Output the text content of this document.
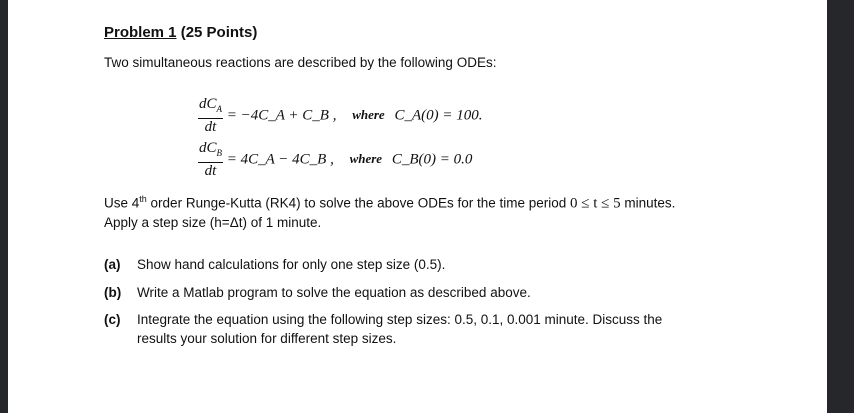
Problem 1 (25 Points)
Two simultaneous reactions are described by the following ODEs:
$\frac{dC_A}{dt}$ = −4C_A + C_B , where C_A(0) = 100.
$\frac{dC_B}{dt}$ = 4C_A − 4C_B , where C_B(0) = 0.0
Use 4th order Runge-Kutta (RK4) to solve the above ODEs for the time period 0 ≤ t ≤ 5 minutes.
Apply a step size (h=Δt) of 1 minute.
(a) Show hand calculations for only one step size (0.5).
(b) Write a Matlab program to solve the equation as described above.
(c) Integrate the equation using the following step sizes: 0.5, 0.1, 0.001 minute. Discuss the
results your solution for different step sizes.
